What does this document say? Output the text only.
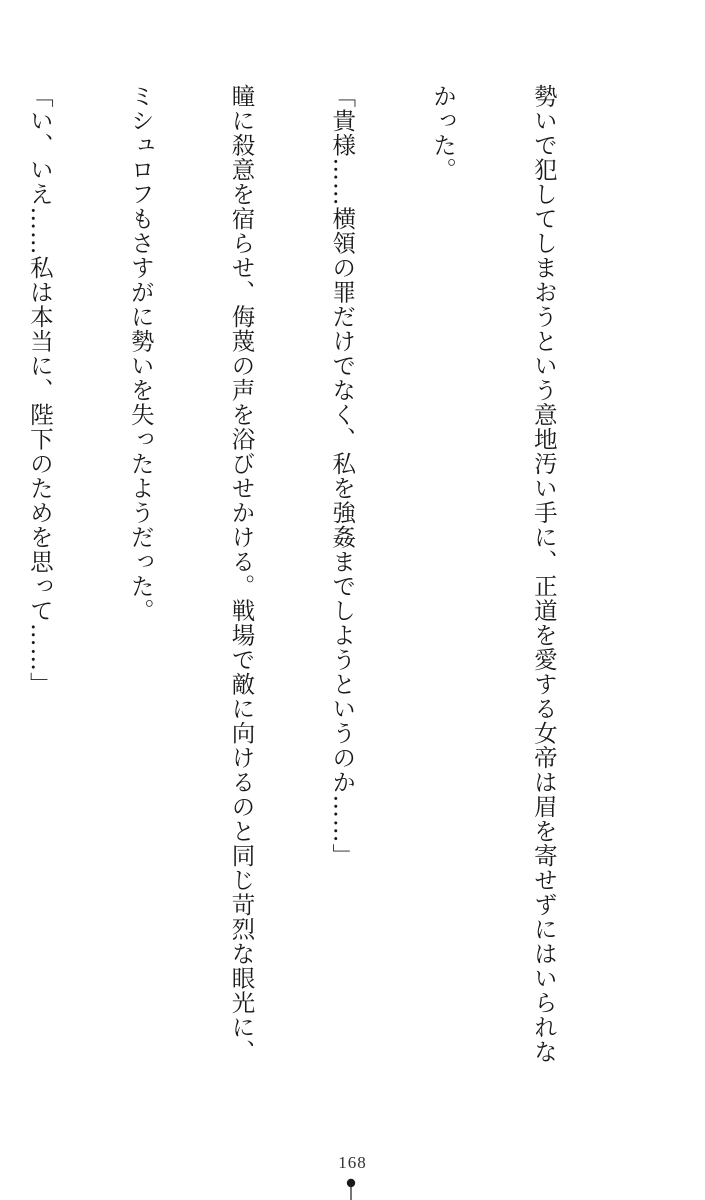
勢いで犯してしまおうという意地汚い手に、正道を愛する女帝は眉を寄せずにはいられな

かった。

「貴様……横領の罪だけでなく、私を強姦までしようというのか……」

瞳に殺意を宿らせ、侮蔑の声を浴びせかける。戦場で敵に向けるのと同じ苛烈な眼光に、

ミシュロフもさすがに勢いを失ったようだった。

「い、いえ……私は本当に、陛下のためを思って……」

168
